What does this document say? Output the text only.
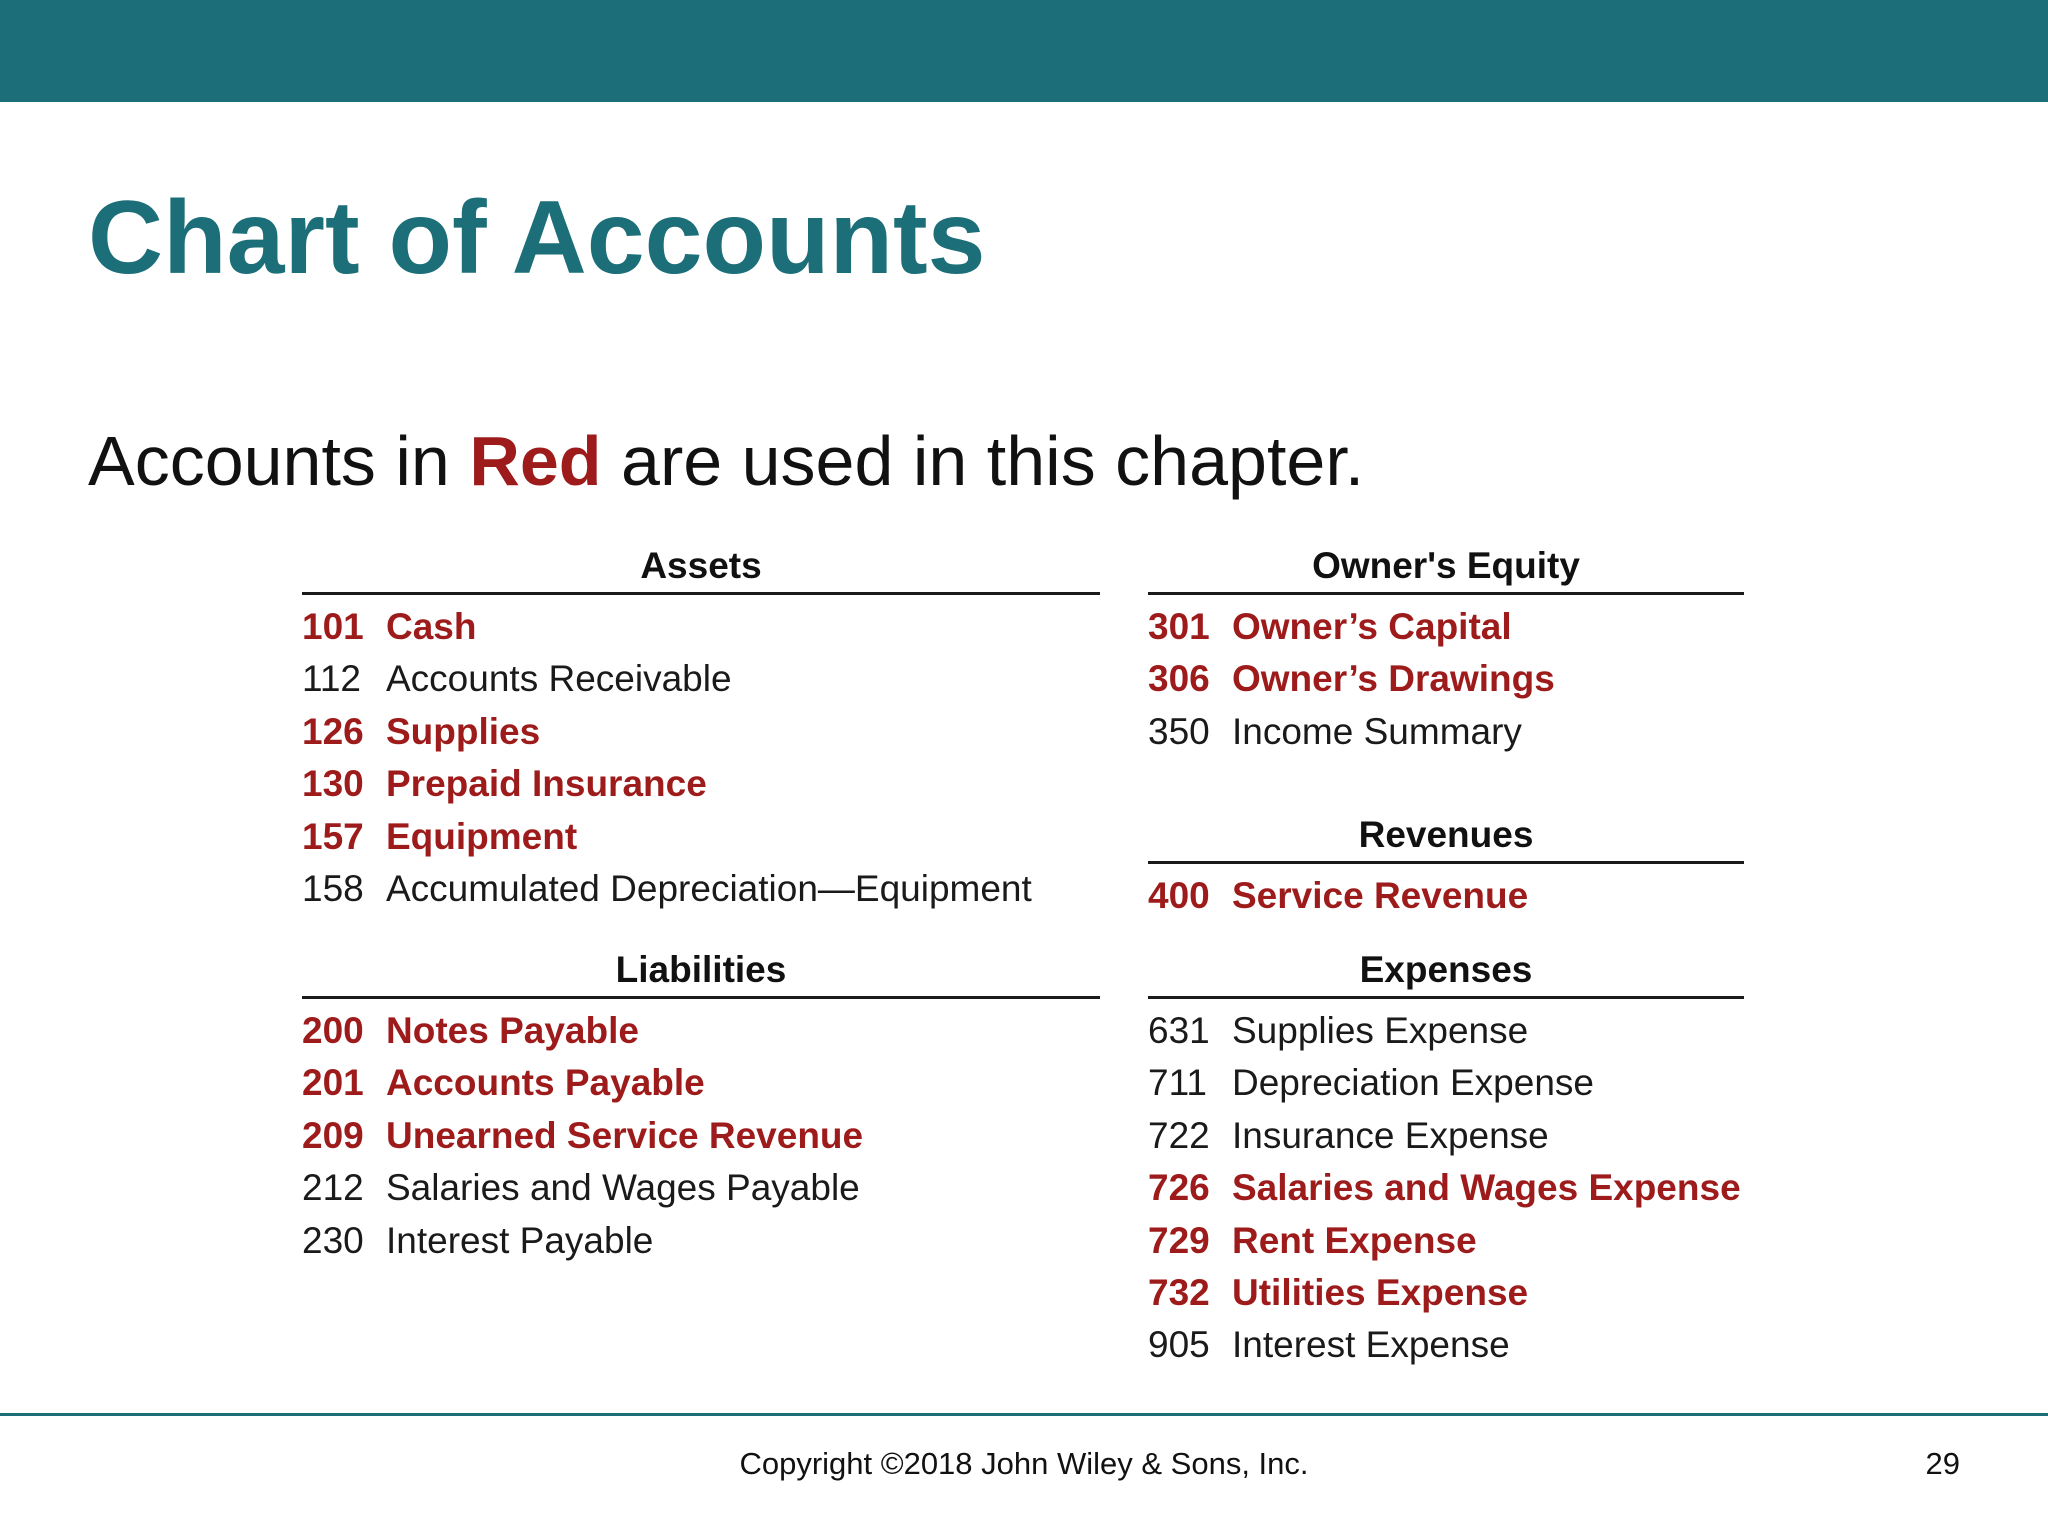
Chart of Accounts

Accounts in Red are used in this chapter.

Assets
101 Cash
112 Accounts Receivable
126 Supplies
130 Prepaid Insurance
157 Equipment
158 Accumulated Depreciation—Equipment
Liabilities
200 Notes Payable
201 Accounts Payable
209 Unearned Service Revenue
212 Salaries and Wages Payable
230 Interest Payable
Owner's Equity
301 Owner’s Capital
306 Owner’s Drawings
350 Income Summary
Revenues
400 Service Revenue
Expenses
631 Supplies Expense
711 Depreciation Expense
722 Insurance Expense
726 Salaries and Wages Expense
729 Rent Expense
732 Utilities Expense
905 Interest Expense
Copyright ©2018 John Wiley & Sons, Inc.	29
